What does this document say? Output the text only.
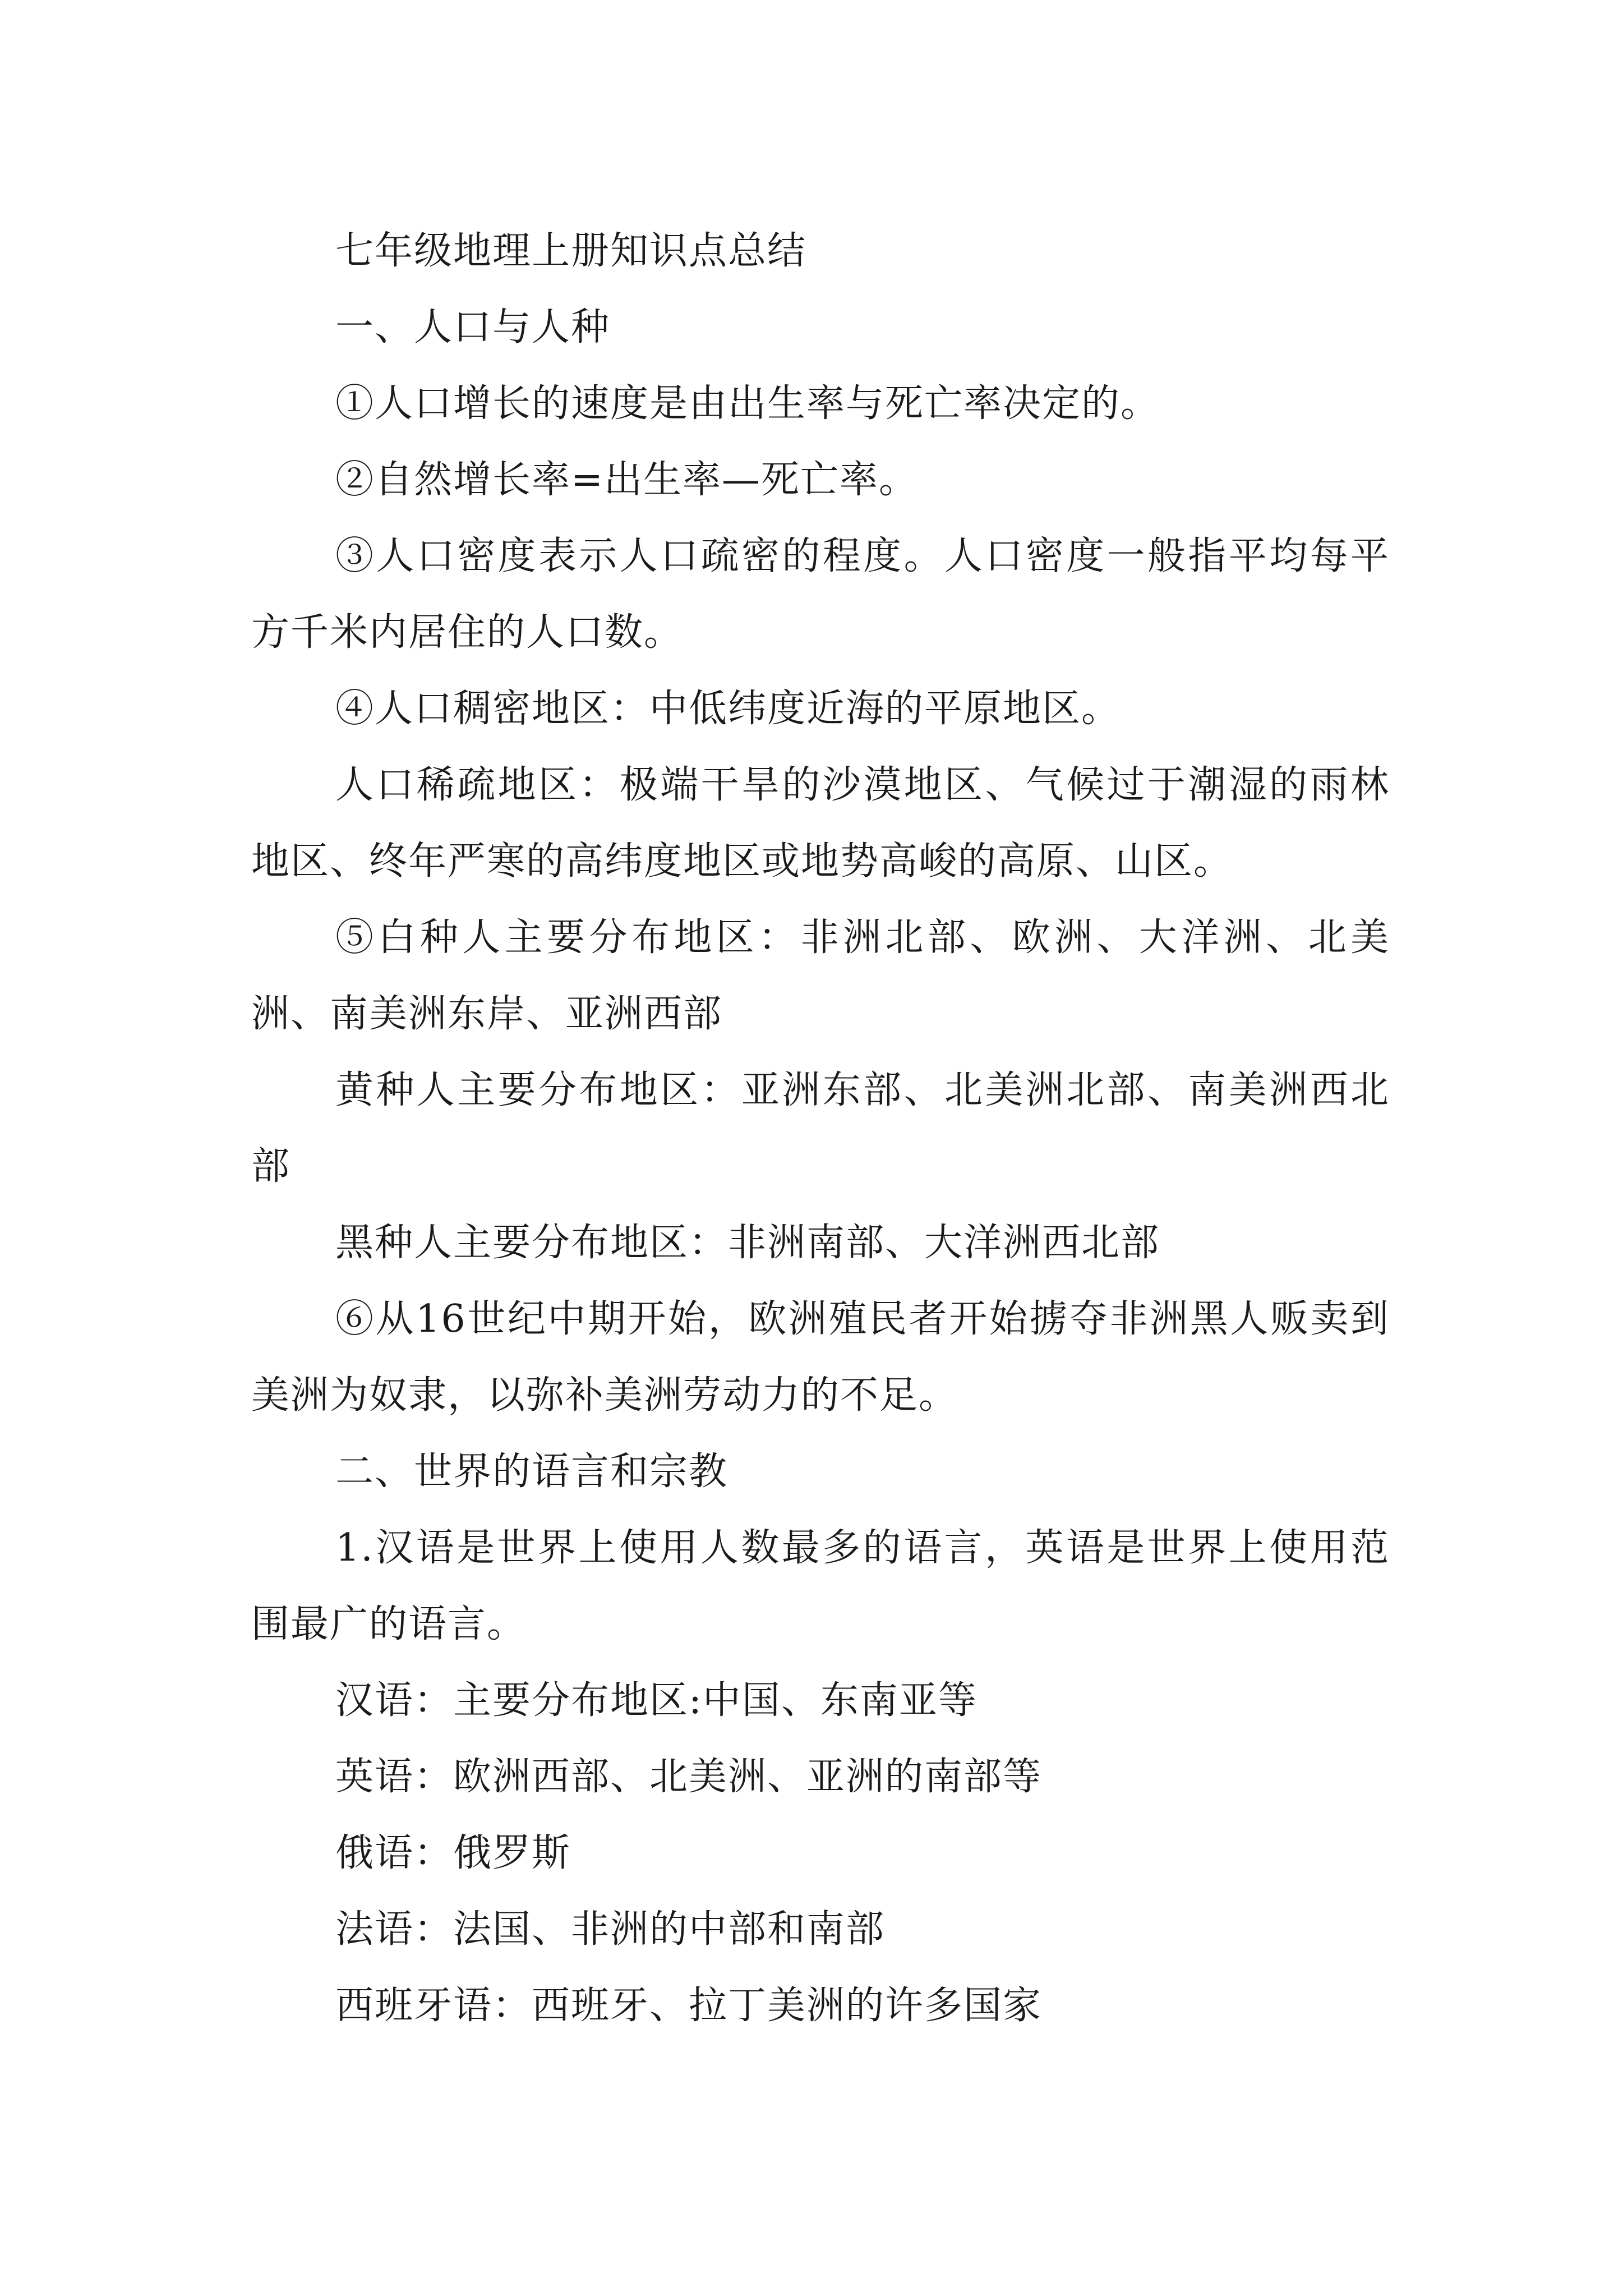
七年级地理上册知识点总结

一、人口与人种

①人口增长的速度是由出生率与死亡率决定的。

②自然增长率=出生率—死亡率。

③人口密度表示人口疏密的程度。人口密度一般指平均每平方千米内居住的人口数。

④人口稠密地区：中低纬度近海的平原地区。

人口稀疏地区：极端干旱的沙漠地区、气候过于潮湿的雨林地区、终年严寒的高纬度地区或地势高峻的高原、山区。

⑤白种人主要分布地区：非洲北部、欧洲、大洋洲、北美洲、南美洲东岸、亚洲西部

黄种人主要分布地区：亚洲东部、北美洲北部、南美洲西北部

黑种人主要分布地区：非洲南部、大洋洲西北部

⑥从16世纪中期开始，欧洲殖民者开始掳夺非洲黑人贩卖到美洲为奴隶，以弥补美洲劳动力的不足。

二、世界的语言和宗教

1.汉语是世界上使用人数最多的语言，英语是世界上使用范围最广的语言。

汉语：主要分布地区:中国、东南亚等

英语：欧洲西部、北美洲、亚洲的南部等

俄语：俄罗斯

法语：法国、非洲的中部和南部

西班牙语：西班牙、拉丁美洲的许多国家
